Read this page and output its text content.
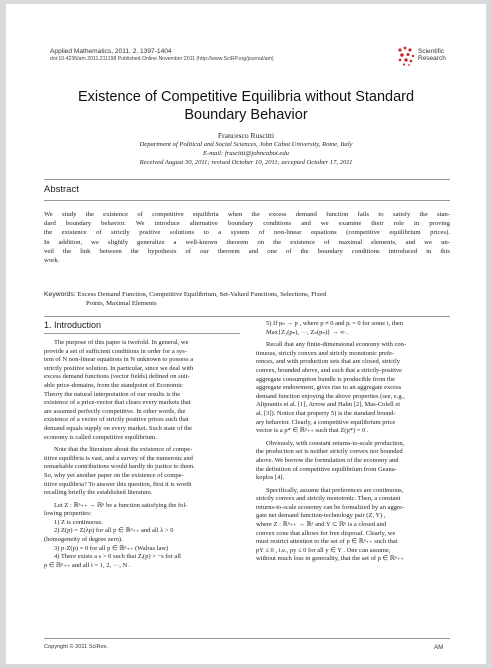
Applied Mathematics, 2011, 2, 1397-1404
doi:10.4236/am.2011.211198 Published Online November 2011 (http://www.SciRP.org/journal/am)
Scientific
Research
Existence of Competitive Equilibria without Standard
Boundary Behavior
Francesco Ruscitti
Department of Political and Social Sciences, John Cabot University, Rome, Italy
E-mail: fruscitti@johncabot.edu
Received August 30, 2011; revised October 10, 2011; accepted October 17, 2011
Abstract
We study the existence of competitive equilibria when the excess demand function fails to satisfy the stan-
dard boundary behavior. We introduce alternative boundary conditions and we examine their role in proving
the existence of strictly positive solutions to a system of non-linear equations (competitive equilibrium prices).
In addition, we slightly generalize a well-known theorem on the existence of maximal elements, and we un-
veil the link between the hypothesis of our theorem and one of the boundary conditions introduced in this
work.
Keywords: Excess Demand Function, Competitive Equilibrium, Set-Valued Functions, Selections, Fixed
Points, Maximal Elements
1. Introduction
The purpose of this paper is twofold. In general, we
provide a set of sufficient conditions in order for a sys-
tem of N non-linear equations in N unknown to possess a
strictly positive solution. In particular, since we deal with
excess demand functions (vector fields) defined on suit-
able price-domains, from the standpoint of Economic
Theory the natural interpretation of our results is the
existence of a price-vector that clears every markets that
are assumed perfectly competitive. In other words, the
existence of a vector of strictly positive prices such that
demand equals supply on every market. Such state of the
economy is called competitive equilibrium.
Note that the literature about the existence of compe-
titive equilibria is vast, and a survey of the numerous and
remarkable contributions would hardly do justice to them.
So, why yet another paper on the existence of compe-
titive equilibria? To answer this question, first it is worth
recalling briefly the established literature.
Let Z : ℝⁿ₊₊ → ℝⁿ be a function satisfying the fol-
lowing properties:
1) Z is continuous.
2) Z(p) = Z(λp) for all p ∈ ℝⁿ₊₊ and all λ > 0
(homogeneity of degree zero).
3) p·Z(p) = 0 for all p ∈ ℝⁿ₊₊ (Walras law)
4) There exists a s > 0 such that Zᵢ(p) > −s for all
p ∈ ℝⁿ₊₊ and all i = 1, 2, ···, N .
5) If pₙ → p , where p ≠ 0 and pᵢ = 0 for some i, then
Max{Z₁(pₙ), ···, Zₙ(pₙ)} → ∞ .
Recall that any finite-dimensional economy with con-
tinuous, strictly convex and strictly monotonic prefe-
rences, and with production sets that are closed, strictly
convex, bounded above, and such that a strictly-positive
aggregate consumption bundle is producible from the
aggregate endowment, gives rise to an aggregate excess
demand function enjoying the above properties (see, e.g.,
Aliprantis et al. [1], Arrow and Hahn [2], Mas-Colell et
al. [3]). Notice that property 5) is the standard bound-
ary behavior. Clearly, a competitive equilibrium price
vector is a p* ∈ ℝⁿ₊₊ such that Z(p*) = 0 .
Obviously, with constant returns-to-scale production,
the production set is neither strictly convex nor bounded
above. We borrow the formulation of the economy and
the definition of competitive equilibrium from Geana-
koplos [4].
Specifically, assume that preferences are continuous,
strictly convex and strictly monotonic. Then, a constant
returns-to-scale economy can be formalized by an aggre-
gate net demand function-technology pair (Z, Y) ,
where Z : ℝⁿ₊₊ → ℝⁿ and Y ⊂ ℝⁿ is a closed and
convex cone that allows for free disposal. Clearly, we
must restrict attention to the set of p ∈ ℝⁿ₊₊ such that
pY ≤ 0 , i.e., py ≤ 0 for all y ∈ Y . One can assume,
without much loss in generality, that the set of p ∈ ℝⁿ₊₊
Copyright © 2011 SciRes.	AM
